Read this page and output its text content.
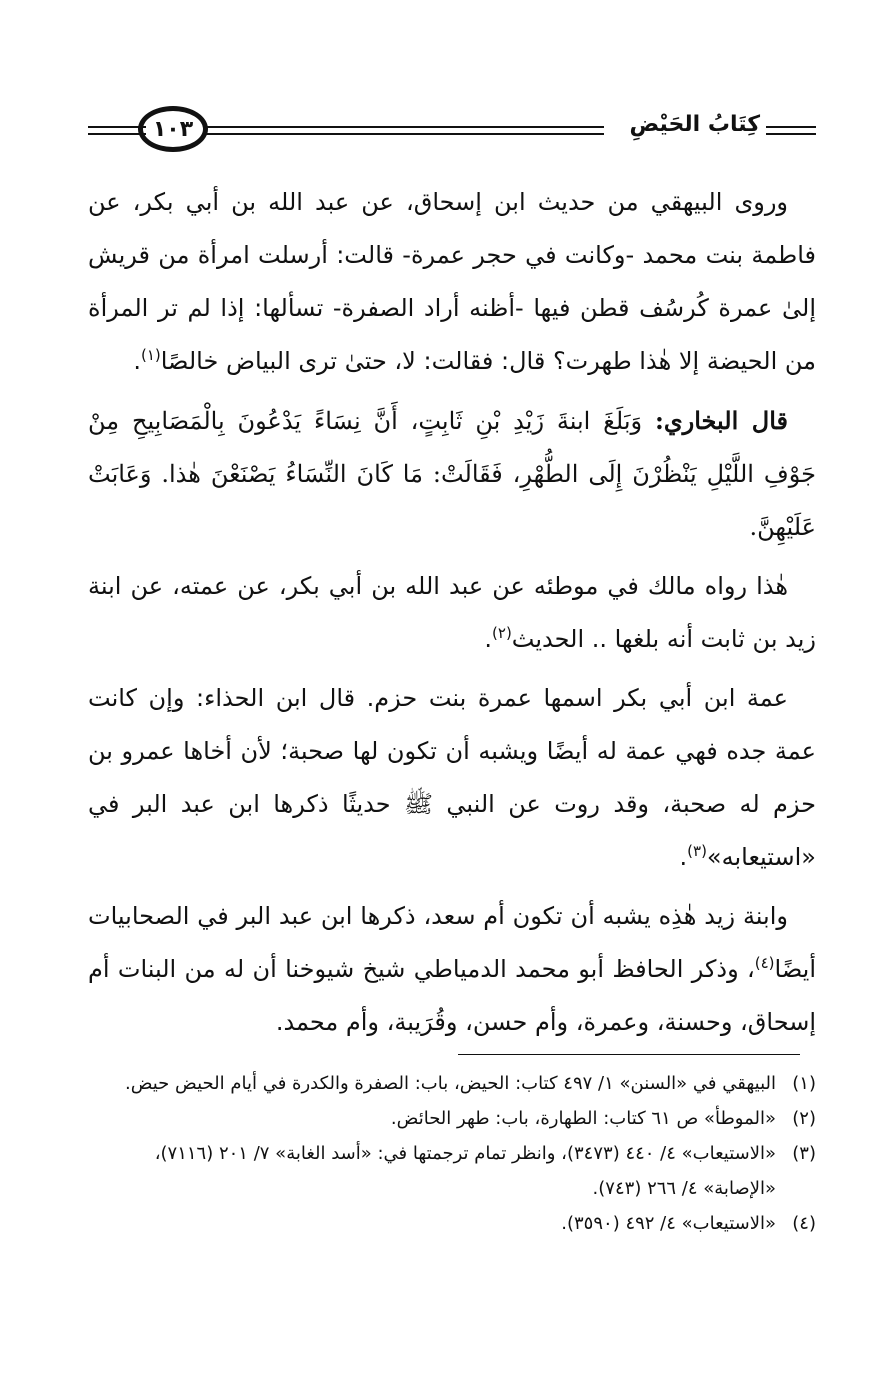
١٠٣	كِتَابُ الحَيْضِ

وروى البيهقي من حديث ابن إسحاق، عن عبد الله بن أبي بكر، عن فاطمة بنت محمد -وكانت في حجر عمرة- قالت: أرسلت امرأة من قريش إلىٰ عمرة كُرسُف قطن فيها -أظنه أراد الصفرة- تسألها: إذا لم تر المرأة من الحيضة إلا هٰذا طهرت؟ قال: فقالت: لا، حتىٰ ترى البياض خالصًا$^{(١)}$.

قال البخاري: وَبَلَغَ ابنةَ زَيْدِ بْنِ ثَابِتٍ، أَنَّ نِسَاءً يَدْعُونَ بِالْمَصَابِيحِ مِنْ جَوْفِ اللَّيْلِ يَنْظُرْنَ إِلَى الطُّهْرِ، فَقَالَتْ: مَا كَانَ النِّسَاءُ يَصْنَعْنَ هٰذا. وَعَابَتْ عَلَيْهِنَّ.

هٰذا رواه مالك في موطئه عن عبد الله بن أبي بكر، عن عمته، عن ابنة زيد بن ثابت أنه بلغها .. الحديث$^{(٢)}$.

عمة ابن أبي بكر اسمها عمرة بنت حزم. قال ابن الحذاء: وإن كانت عمة جده فهي عمة له أيضًا ويشبه أن تكون لها صحبة؛ لأن أخاها عمرو بن حزم له صحبة، وقد روت عن النبي ﷺ حديثًا ذكرها ابن عبد البر في «استيعابه»$^{(٣)}$.

وابنة زيد هٰذِه يشبه أن تكون أم سعد، ذكرها ابن عبد البر في الصحابيات أيضًا$^{(٤)}$، وذكر الحافظ أبو محمد الدمياطي شيخ شيوخنا أن له من البنات أم إسحاق، وحسنة، وعمرة، وأم حسن، وقُرَيبة، وأم محمد.

(١)
البيهقي في «السنن» ١/ ٤٩٧ كتاب: الحيض، باب: الصفرة والكدرة في أيام الحيض حيض.
(٢)
«الموطأ» ص ٦١ كتاب: الطهارة، باب: طهر الحائض.
(٣)
«الاستيعاب» ٤/ ٤٤٠ (٣٤٧٣)، وانظر تمام ترجمتها في: «أسد الغابة» ٧/ ٢٠١ (٧١١٦)، «الإصابة» ٤/ ٢٦٦ (٧٤٣).
(٤)
«الاستيعاب» ٤/ ٤٩٢ (٣٥٩٠).
